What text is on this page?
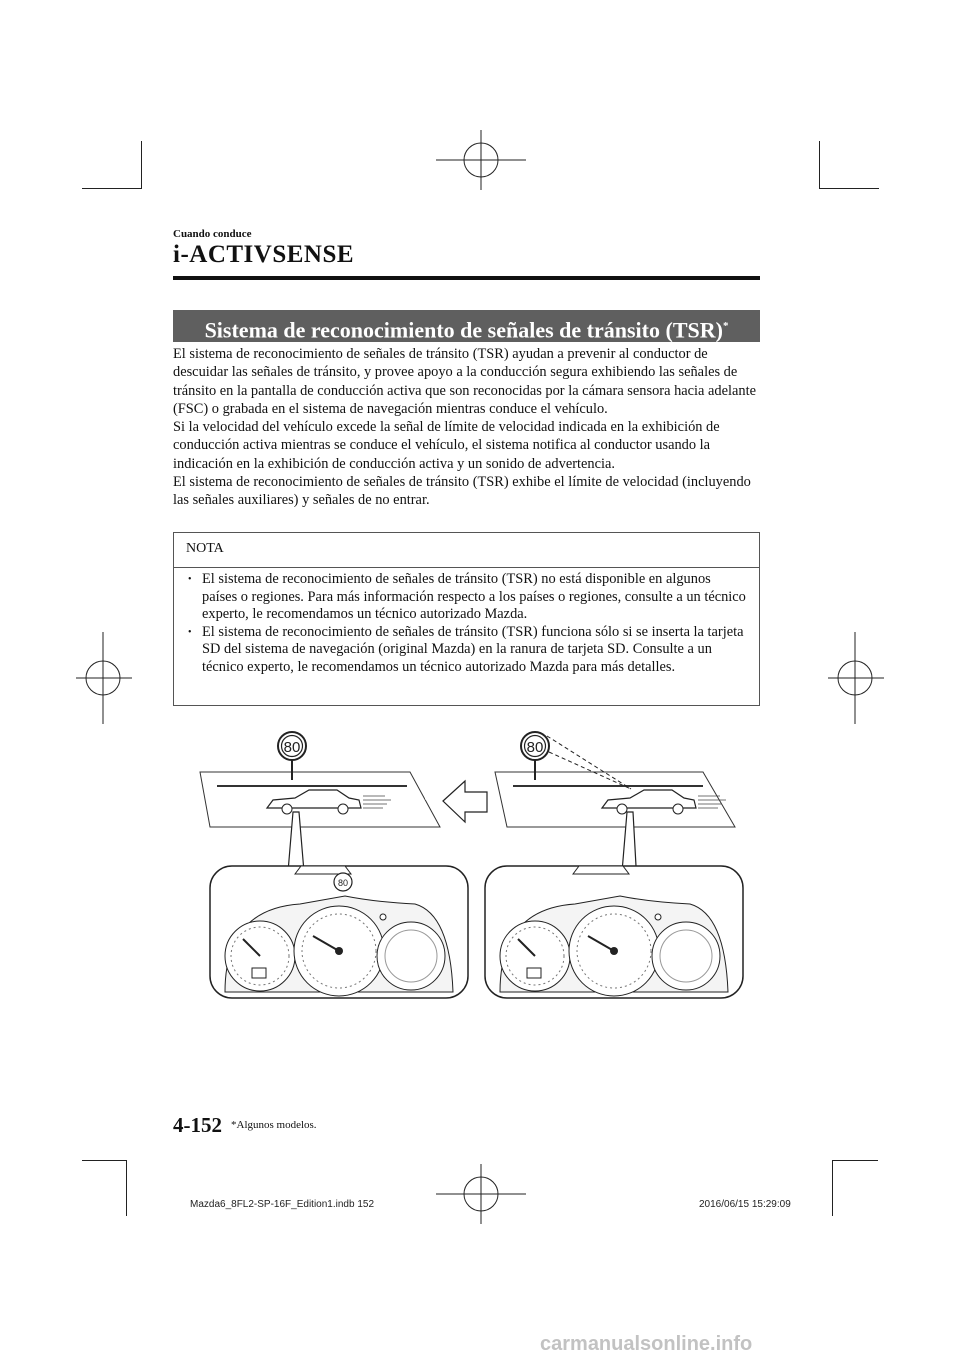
Cuando conduce
i-ACTIVSENSE
Sistema de reconocimiento de señales de tránsito (TSR)*

El sistema de reconocimiento de señales de tránsito (TSR) ayudan a prevenir al conductor de descuidar las señales de tránsito, y provee apoyo a la conducción segura exhibiendo las señales de tránsito en la pantalla de conducción activa que son reconocidas por la cámara sensora hacia adelante (FSC) o grabada en el sistema de navegación mientras conduce el vehículo.

Si la velocidad del vehículo excede la señal de límite de velocidad indicada en la exhibición de conducción activa mientras se conduce el vehículo, el sistema notifica al conductor usando la indicación en la exhibición de conducción activa y un sonido de advertencia.

El sistema de reconocimiento de señales de tránsito (TSR) exhibe el límite de velocidad (incluyendo las señales auxiliares) y señales de no entrar.

NOTA
• El sistema de reconocimiento de señales de tránsito (TSR) no está disponible en algunos países o regiones. Para más información respecto a los países o regiones, consulte a un técnico experto, le recomendamos un técnico autorizado Mazda.
• El sistema de reconocimiento de señales de tránsito (TSR) funciona sólo si se inserta la tarjeta SD del sistema de navegación (original Mazda) en la ranura de tarjeta SD. Consulte a un técnico experto, le recomendamos un técnico autorizado Mazda para más detalles.
80	80
80
4-152 *Algunos modelos.
Mazda6_8FL2-SP-16F_Edition1.indb 152	2016/06/15 15:29:09
carmanualsonline.info
